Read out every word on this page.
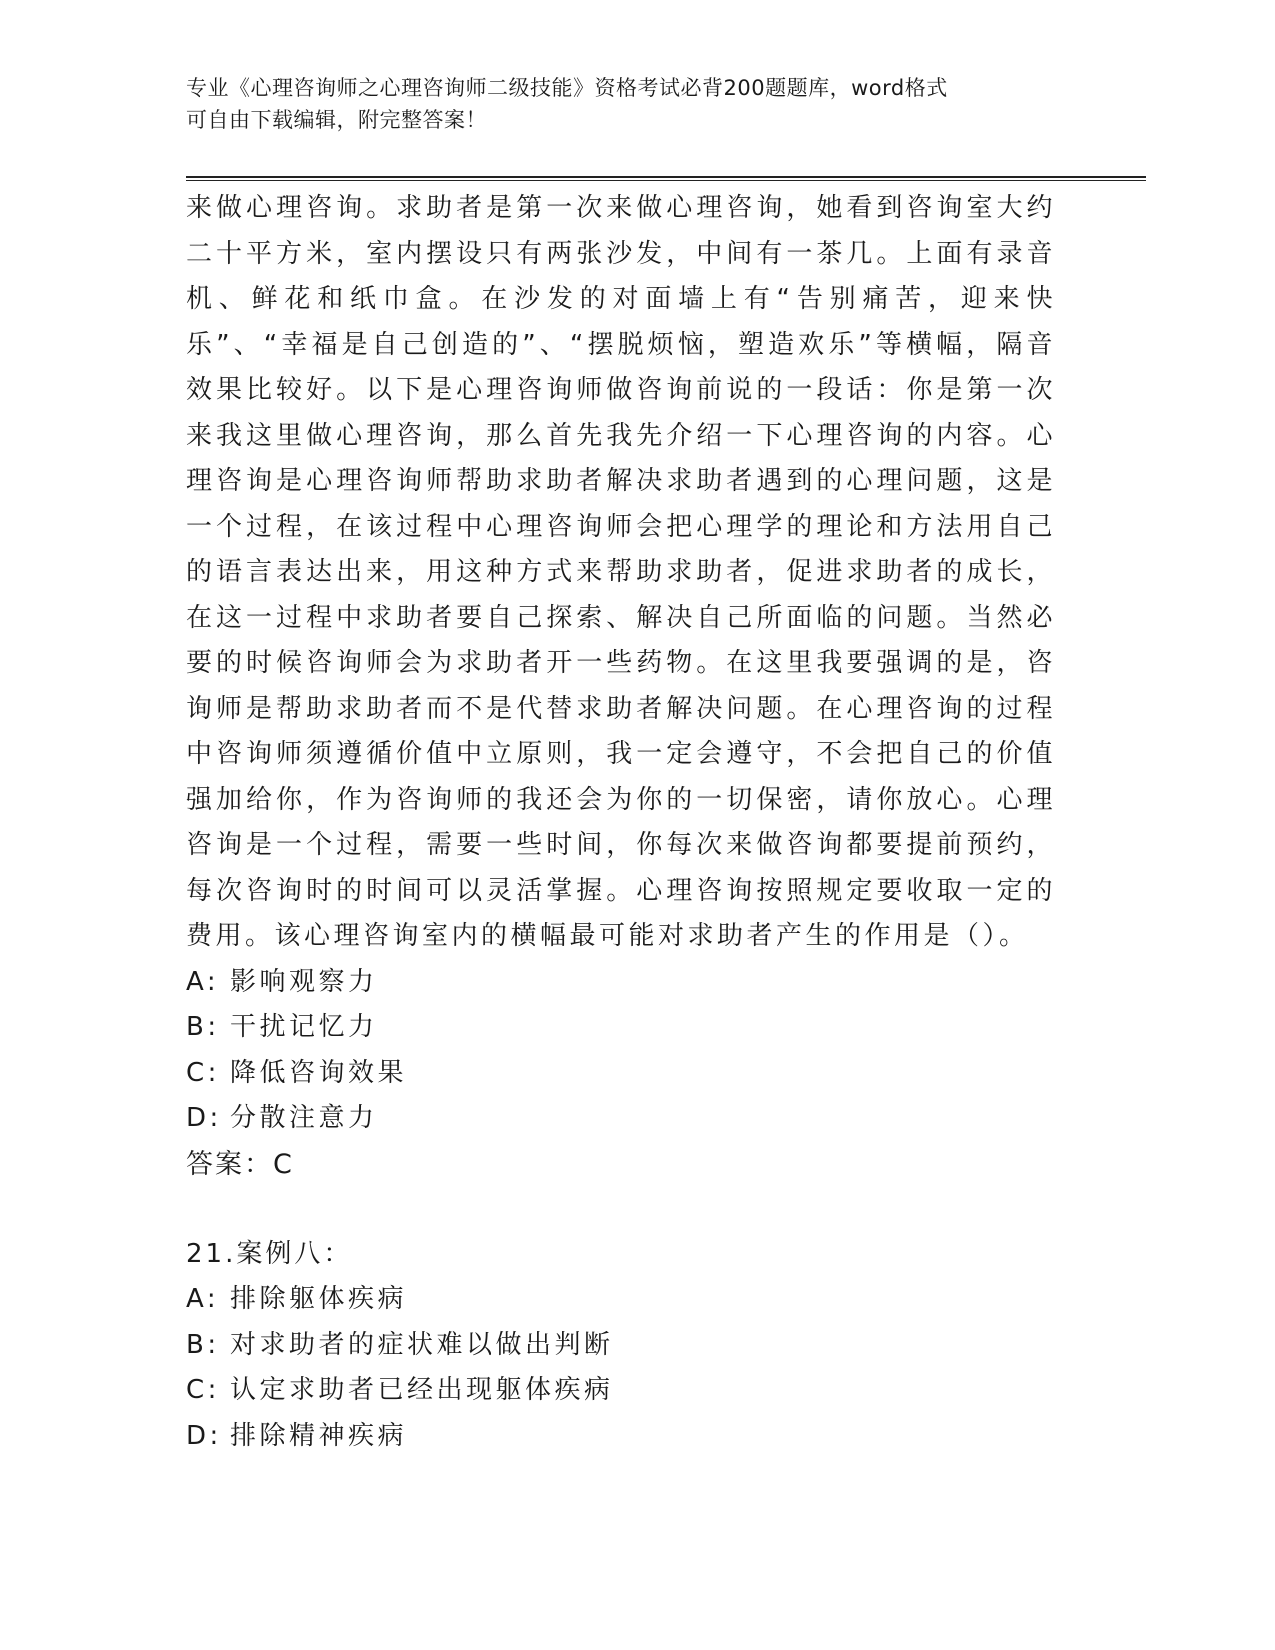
专业《心理咨询师之心理咨询师二级技能》资格考试必背200题题库，word格式
可自由下载编辑，附完整答案！

来做心理咨询。求助者是第一次来做心理咨询，她看到咨询室大约二十平方米，室内摆设只有两张沙发，中间有一茶几。上面有录音机、鲜花和纸巾盒。在沙发的对面墙上有“告别痛苦，迎来快乐”、“幸福是自己创造的”、“摆脱烦恼，塑造欢乐”等横幅，隔音效果比较好。以下是心理咨询师做咨询前说的一段话：你是第一次来我这里做心理咨询，那么首先我先介绍一下心理咨询的内容。心理咨询是心理咨询师帮助求助者解决求助者遇到的心理问题，这是一个过程，在该过程中心理咨询师会把心理学的理论和方法用自己的语言表达出来，用这种方式来帮助求助者，促进求助者的成长，在这一过程中求助者要自己探索、解决自己所面临的问题。当然必要的时候咨询师会为求助者开一些药物。在这里我要强调的是，咨询师是帮助求助者而不是代替求助者解决问题。在心理咨询的过程中咨询师须遵循价值中立原则，我一定会遵守，不会把自己的价值强加给你，作为咨询师的我还会为你的一切保密，请你放心。心理咨询是一个过程，需要一些时间，你每次来做咨询都要提前预约，每次咨询时的时间可以灵活掌握。心理咨询按照规定要收取一定的费用。该心理咨询室内的横幅最可能对求助者产生的作用是（）。

A: 影响观察力

B: 干扰记忆力

C: 降低咨询效果

D: 分散注意力

答案：C

21.案例八：

A: 排除躯体疾病

B: 对求助者的症状难以做出判断

C: 认定求助者已经出现躯体疾病

D: 排除精神疾病
